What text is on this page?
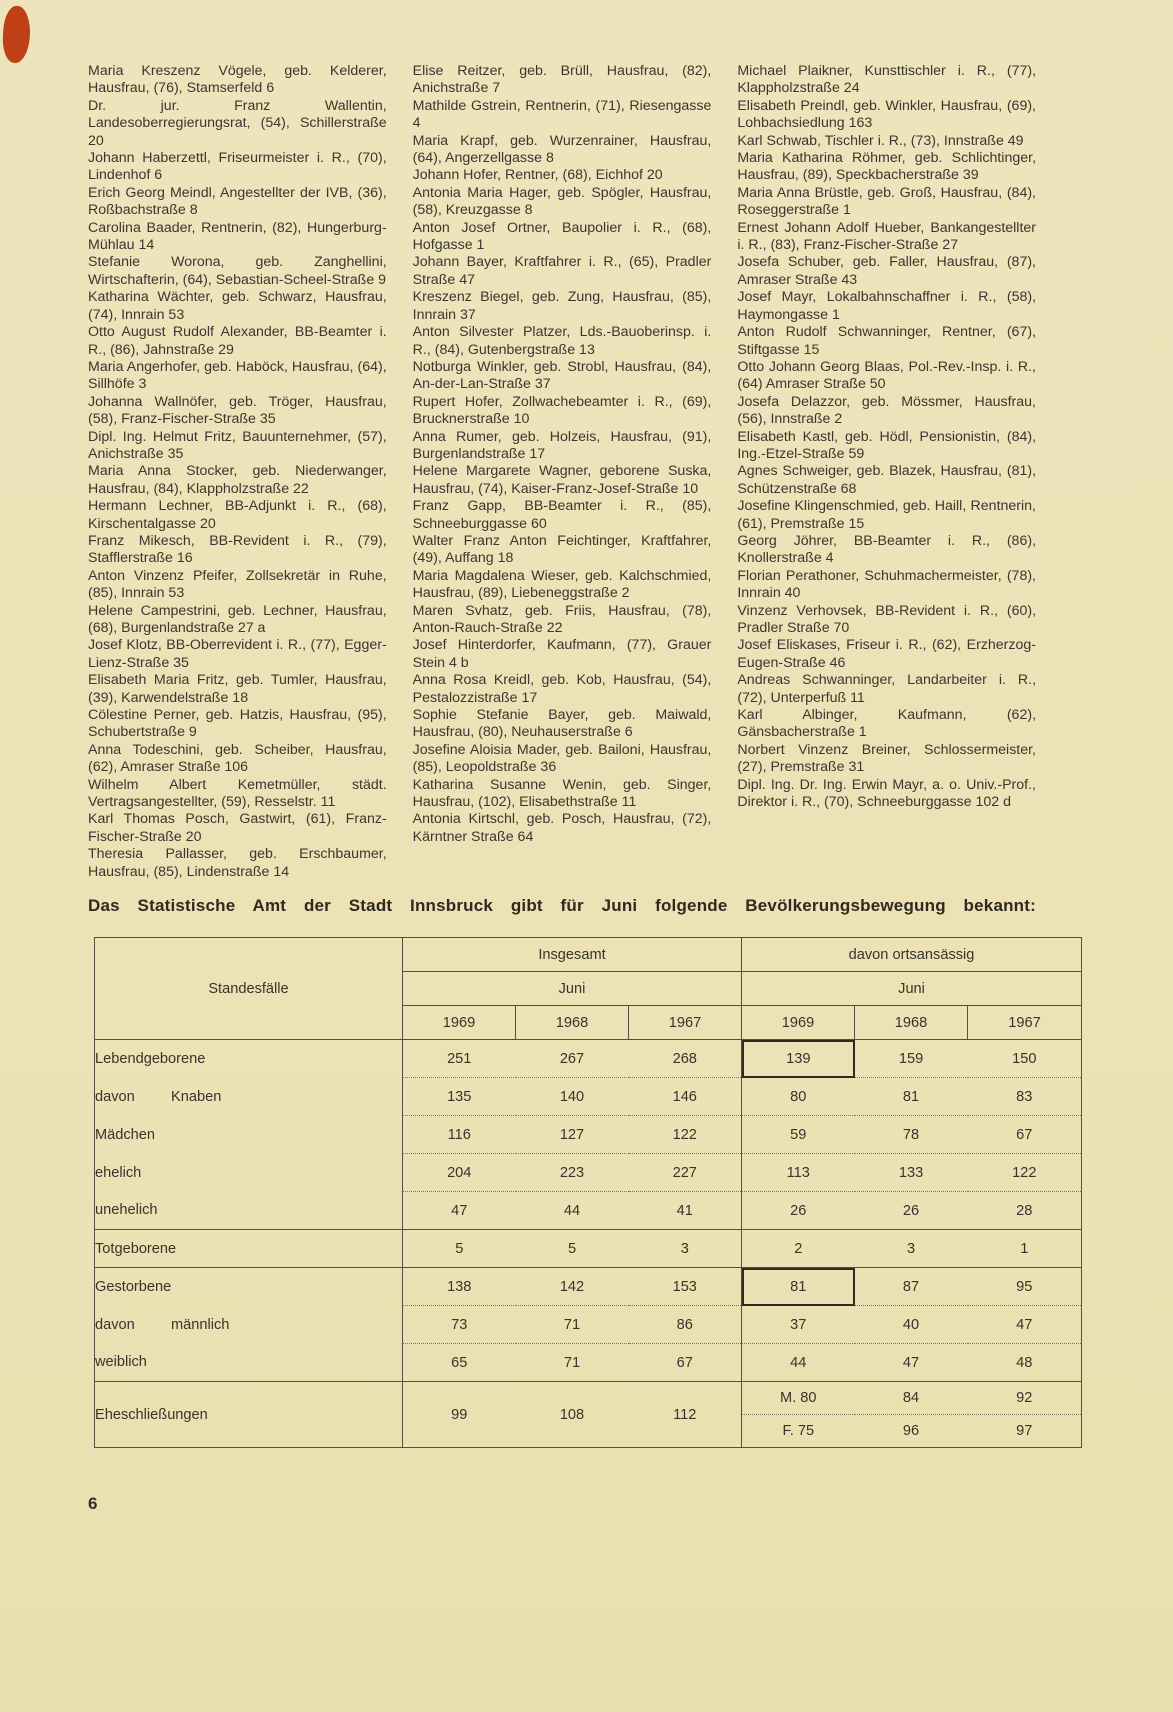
Maria Kreszenz Vögele, geb. Kelderer, Hausfrau, (76), Stamserfeld 6

Dr. jur. Franz Wallentin, Landesoberregierungsrat, (54), Schillerstraße 20

Johann Haberzettl, Friseurmeister i. R., (70), Lindenhof 6

Erich Georg Meindl, Angestellter der IVB, (36), Roßbachstraße 8

Carolina Baader, Rentnerin, (82), Hungerburg-Mühlau 14

Stefanie Worona, geb. Zanghellini, Wirtschafterin, (64), Sebastian-Scheel-Straße 9

Katharina Wächter, geb. Schwarz, Hausfrau, (74), Innrain 53

Otto August Rudolf Alexander, BB-Beamter i. R., (86), Jahnstraße 29

Maria Angerhofer, geb. Haböck, Hausfrau, (64), Sillhöfe 3

Johanna Wallnöfer, geb. Tröger, Hausfrau, (58), Franz-Fischer-Straße 35

Dipl. Ing. Helmut Fritz, Bauunternehmer, (57), Anichstraße 35

Maria Anna Stocker, geb. Niederwanger, Hausfrau, (84), Klappholzstraße 22

Hermann Lechner, BB-Adjunkt i. R., (68), Kirschentalgasse 20

Franz Mikesch, BB-Revident i. R., (79), Stafflerstraße 16

Anton Vinzenz Pfeifer, Zollsekretär in Ruhe, (85), Innrain 53

Helene Campestrini, geb. Lechner, Hausfrau, (68), Burgenlandstraße 27 a

Josef Klotz, BB-Oberrevident i. R., (77), Egger-Lienz-Straße 35

Elisabeth Maria Fritz, geb. Tumler, Hausfrau, (39), Karwendelstraße 18

Cölestine Perner, geb. Hatzis, Hausfrau, (95), Schubertstraße 9

Anna Todeschini, geb. Scheiber, Hausfrau, (62), Amraser Straße 106

Wilhelm Albert Kemetmüller, städt. Vertragsangestellter, (59), Resselstr. 11

Karl Thomas Posch, Gastwirt, (61), Franz-Fischer-Straße 20

Theresia Pallasser, geb. Erschbaumer, Hausfrau, (85), Lindenstraße 14

Elise Reitzer, geb. Brüll, Hausfrau, (82), Anichstraße 7

Mathilde Gstrein, Rentnerin, (71), Riesengasse 4

Maria Krapf, geb. Wurzenrainer, Hausfrau, (64), Angerzellgasse 8

Johann Hofer, Rentner, (68), Eichhof 20

Antonia Maria Hager, geb. Spögler, Hausfrau, (58), Kreuzgasse 8

Anton Josef Ortner, Baupolier i. R., (68), Hofgasse 1

Johann Bayer, Kraftfahrer i. R., (65), Pradler Straße 47

Kreszenz Biegel, geb. Zung, Hausfrau, (85), Innrain 37

Anton Silvester Platzer, Lds.-Bauoberinsp. i. R., (84), Gutenbergstraße 13

Notburga Winkler, geb. Strobl, Hausfrau, (84), An-der-Lan-Straße 37

Rupert Hofer, Zollwachebeamter i. R., (69), Brucknerstraße 10

Anna Rumer, geb. Holzeis, Hausfrau, (91), Burgenlandstraße 17

Helene Margarete Wagner, geborene Suska, Hausfrau, (74), Kaiser-Franz-Josef-Straße 10

Franz Gapp, BB-Beamter i. R., (85), Schneeburggasse 60

Walter Franz Anton Feichtinger, Kraftfahrer, (49), Auffang 18

Maria Magdalena Wieser, geb. Kalchschmied, Hausfrau, (89), Liebeneggstraße 2

Maren Svhatz, geb. Friis, Hausfrau, (78), Anton-Rauch-Straße 22

Josef Hinterdorfer, Kaufmann, (77), Grauer Stein 4 b

Anna Rosa Kreidl, geb. Kob, Hausfrau, (54), Pestalozzistraße 17

Sophie Stefanie Bayer, geb. Maiwald, Hausfrau, (80), Neuhauserstraße 6

Josefine Aloisia Mader, geb. Bailoni, Hausfrau, (85), Leopoldstraße 36

Katharina Susanne Wenin, geb. Singer, Hausfrau, (102), Elisabethstraße 11

Antonia Kirtschl, geb. Posch, Hausfrau, (72), Kärntner Straße 64

Michael Plaikner, Kunsttischler i. R., (77), Klappholzstraße 24

Elisabeth Preindl, geb. Winkler, Hausfrau, (69), Lohbachsiedlung 163

Karl Schwab, Tischler i. R., (73), Innstraße 49

Maria Katharina Röhmer, geb. Schlichtinger, Hausfrau, (89), Speckbacherstraße 39

Maria Anna Brüstle, geb. Groß, Hausfrau, (84), Roseggerstraße 1

Ernest Johann Adolf Hueber, Bankangestellter i. R., (83), Franz-Fischer-Straße 27

Josefa Schuber, geb. Faller, Hausfrau, (87), Amraser Straße 43

Josef Mayr, Lokalbahnschaffner i. R., (58), Haymongasse 1

Anton Rudolf Schwanninger, Rentner, (67), Stiftgasse 15

Otto Johann Georg Blaas, Pol.-Rev.-Insp. i. R., (64) Amraser Straße 50

Josefa Delazzor, geb. Mössmer, Hausfrau, (56), Innstraße 2

Elisabeth Kastl, geb. Hödl, Pensionistin, (84), Ing.-Etzel-Straße 59

Agnes Schweiger, geb. Blazek, Hausfrau, (81), Schützenstraße 68

Josefine Klingenschmied, geb. Haill, Rentnerin, (61), Premstraße 15

Georg Jöhrer, BB-Beamter i. R., (86), Knollerstraße 4

Florian Perathoner, Schuhmachermeister, (78), Innrain 40

Vinzenz Verhovsek, BB-Revident i. R., (60), Pradler Straße 70

Josef Eliskases, Friseur i. R., (62), Erzherzog-Eugen-Straße 46

Andreas Schwanninger, Landarbeiter i. R., (72), Unterperfuß 11

Karl Albinger, Kaufmann, (62), Gänsbacherstraße 1

Norbert Vinzenz Breiner, Schlossermeister, (27), Premstraße 31

Dipl. Ing. Dr. Ing. Erwin Mayr, a. o. Univ.-Prof., Direktor i. R., (70), Schneeburggasse 102 d

Das Statistische Amt der Stadt Innsbruck gibt für Juni folgende Bevölkerungsbewegung bekannt:
Standesfälle	Insgesamt			davon ortsansässig		
	Juni			Juni		
	1969	1968	1967	1969	1968	1967
Lebendgeborene	251	267	268	139	159	150
davon Knaben	135	140	146	80	81	83
Mädchen	116	127	122	59	78	67
ehelich	204	223	227	113	133	122
unehelich	47	44	41	26	26	28
Totgeborene	5	5	3	2	3	1
Gestorbene	138	142	153	81	87	95
davon männlich	73	71	86	37	40	47
weiblich	65	71	67	44	47	48
Eheschließungen	99	108	112	M. 80	84	92
				F. 75	96	97
6
